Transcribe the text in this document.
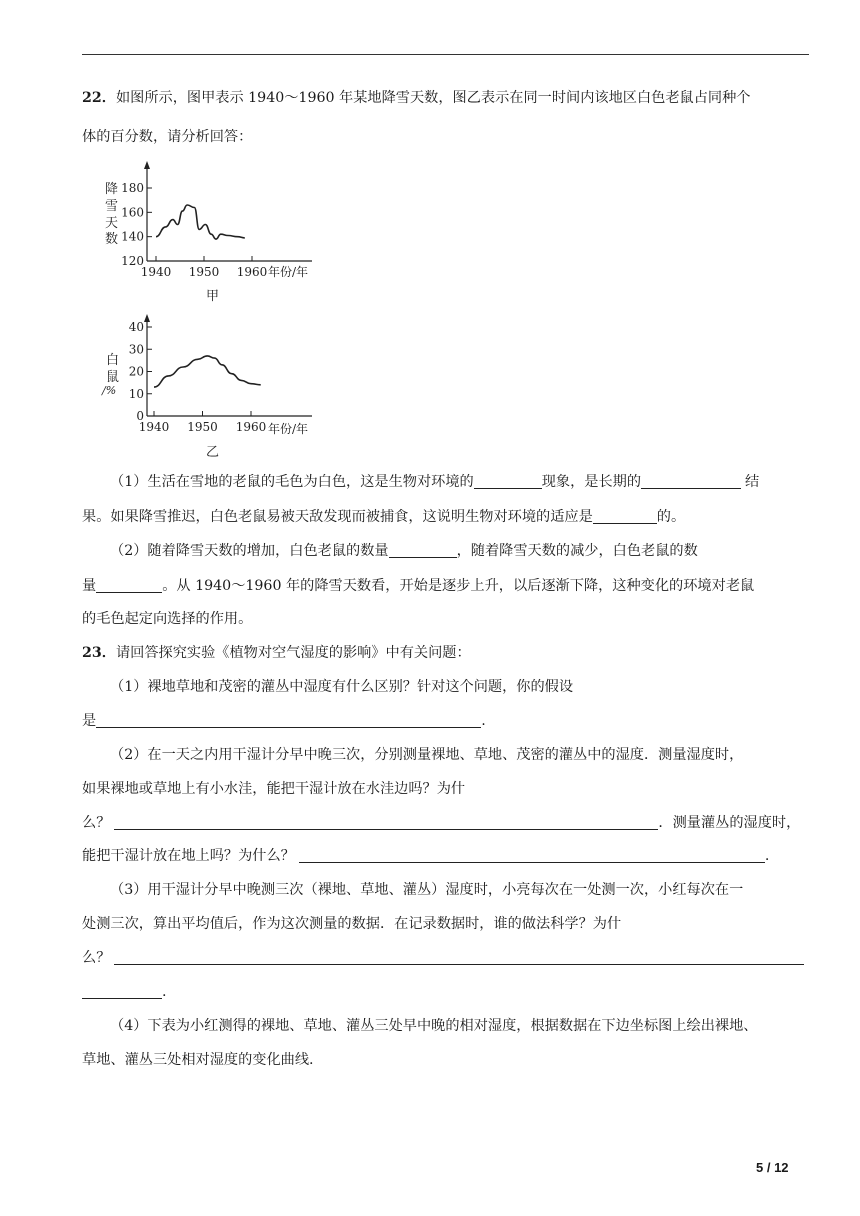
22．如图所示，图甲表示 1940～1960 年某地降雪天数，图乙表示在同一时间内该地区白色老鼠占同种个
体的百分数，请分析回答：
降
雪
天
数
120
140
160
180
1940 1950 1960 年份/年
甲
白
鼠
/%
0
10
20
30
40
1940 1950 1960 年份/年
乙
（1）生活在雪地的老鼠的毛色为白色，这是生物对环境的	现象，是长期的	结
果。如果降雪推迟，白色老鼠易被天敌发现而被捕食，这说明生物对环境的适应是	的。
（2）随着降雪天数的增加，白色老鼠的数量	，随着降雪天数的减少，白色老鼠的数
量	。从 1940～1960 年的降雪天数看，开始是逐步上升，以后逐渐下降，这种变化的环境对老鼠
的毛色起定向选择的作用。
23．请回答探究实验《植物对空气湿度的影响》中有关问题：
（1）裸地草地和茂密的灌丛中湿度有什么区别？针对这个问题，你的假设
是	.
（2）在一天之内用干湿计分早中晚三次，分别测量裸地、草地、茂密的灌丛中的湿度．测量湿度时，
如果裸地或草地上有小水洼，能把干湿计放在水洼边吗？为什
么？	．测量灌丛的湿度时，
能把干湿计放在地上吗？为什么？	.
（3）用干湿计分早中晚测三次（裸地、草地、灌丛）湿度时，小亮每次在一处测一次，小红每次在一
处测三次，算出平均值后，作为这次测量的数据．在记录数据时，谁的做法科学？为什
么？
.
（4）下表为小红测得的裸地、草地、灌丛三处早中晚的相对湿度，根据数据在下边坐标图上绘出裸地、
草地、灌丛三处相对湿度的变化曲线.
5 / 12
